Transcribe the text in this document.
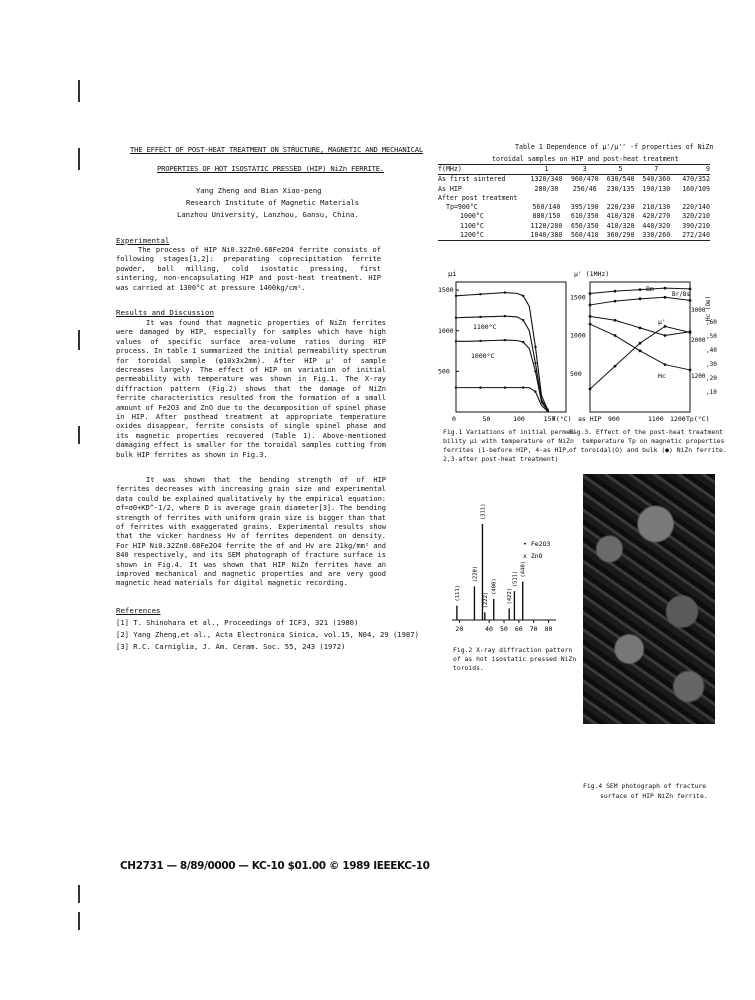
THE EFFECT OF POST-HEAT TREATMENT ON STRUCTURE, MAGNETIC AND MECHANICAL
PROPERTIES OF HOT ISOSTATIC PRESSED (HIP) NiZn FERRITE.
Yang Zheng and Bian Xiao-peng
Research Institute of Magnetic Materials
Lanzhou University, Lanzhou, Gansu, China.
Experimental
The process of HIP Ni0.32Zn0.68Fe2O4 ferrite consists of following stages[1,2]: preparating coprecipitation ferrite powder, ball milling, cold isostatic pressing, first sintering, non-encapsulating HIP and post-heat treatment. HIP was carried at 1300°C at pressure 1400kg/cm².
Results and Discussion
It was found that magnetic properties of NiZn ferrites were damaged by HIP, especially for samples which have high values of specific surface area-volume ratios during HIP process. In table 1 summarized the initial permeability spectrum for toroidal sample (φ10x3x2mm). After HIP μ' of sample decreases largely. The effect of HIP on variation of initial permeability with temperature was shown in Fig.1. The X-ray diffraction pattern (Fig.2) shows that the damage of NiZn ferrite characteristics resulted from the formation of a small amount of Fe2O3 and ZnO due to the decomposition of spinel phase in HIP. After posthead treatment at appropriate temperature oxides disappear, ferrite consists of single spinel phase and its magnetic properties recovered (Table 1). Above-mentioned damaging effect is smaller for the toroidal samples cutting from bulk HIP ferrites as shown in Fig.3.
It was shown that the bending strength σf of HIP ferrites decreases with increasing grain size and experimental data could be explained qualitatively by the empirical equation: σf=σ0+KD^-1/2, where D is average grain diameter[3]. The bending strength of ferrites with uniform grain size is bigger than that of ferrites with exaggerated grains. Experimental results show that the vicker hardness Hv of ferrites dependent on density. For HIP Ni0.32Zn0.68Fe2O4 ferrite the σf and Hv are 21kg/mm² and 840 respectively, and its SEM photograph of fracture surface is shown in Fig.4. It was shown that HIP NiZn ferrites have an improved mechanical and magnetic properties and are very good magnetic head materials for digital magnetic recording.
References
[1] T. Shinohara et al., Proceedings of ICF3, 321 (1980)
[2] Yang Zheng,et al., Acta Electronica Sinica, vol.15, N04, 29 (1987)
[3] R.C. Carniglia, J. Am. Ceram. Soc. 55, 243 (1972)
Table 1 Dependence of μ'/μ'' -f properties of NiZn
toroidal samples on HIP and post-heat treatment
f(MHz)	1	3	5	7	9
As first sintered	1320/340	960/470	630/540	540/360	470/352
As HIP	280/30	256/46	230/135	190/130	160/109
After post treatment					
Tp=900°C	560/140	395/190	220/230	210/130	220/140
1000°C	880/150	610/350	410/320	420/270	320/210
1100°C	1120/280	650/350	410/320	440/320	390/210
1200°C	1040/380	560/410	360/290	330/260	272/240
μi
500
1000
1500
0	50	100	150
T(°C)
1100°C
1000°C
Fig.1 Variations of initial permea-
bility μi with temperature of NiZn
ferrites (1-before HIP, 4-as HIP,
2,3-after post-heat treatment)
μ' (1MHz)
500
1000
1500
1200
2000
3000
,10
,20
,30
,40
,50
,60
as HIP 900	1100 1200 Tp(°C)
Bm
Br/Bs
Hc (Oe)
μ'
Hc
Fig.3. Effect of the post-heat treatment
temperature Tp on magnetic properties
of toroidal(O) and bulk (●) NiZn ferrite.
20	40 50 60 70 80
(111)
(220)
(311)
(222)
(400)
(422)
(511)
(440)
• Fe2O3
x ZnO
Fig.2 X-ray diffraction pattern
of as hot isostatic pressed NiZn
toroids.
Fig.4 SEM photograph of fracture
surface of HIP NiZn ferrite.
CH2731 — 8/89/0000 — KC-10 $01.00 © 1989 IEEE KC-10
